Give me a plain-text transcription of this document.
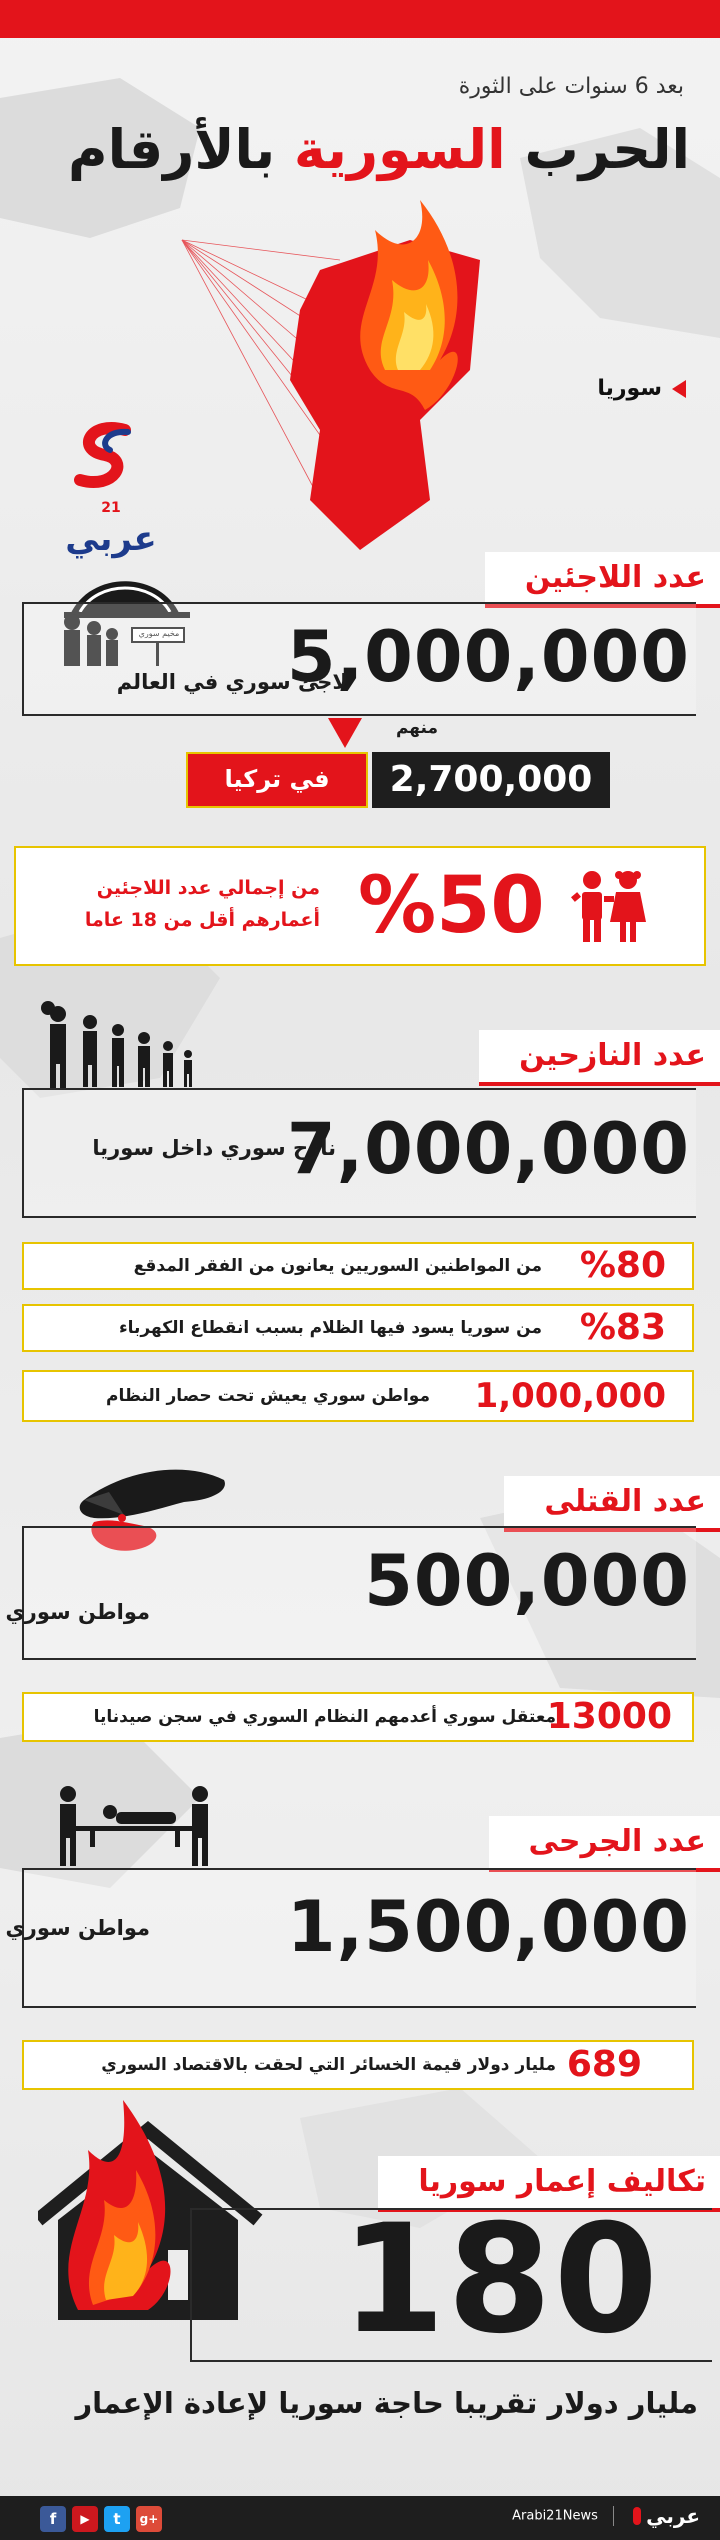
بعد 6 سنوات على الثورة
الحرب السورية بالأرقام
سوريا
21 عربي
عدد اللاجئين
مخيم سوري 5,000,000
لاجئ سوري في العالم
منهم
2,700,000
في تركيا
%50
من إجمالي عدد اللاجئين
أعمارهم أقل من 18 عاما
عدد النازحين
7,000,000
نازح سوري داخل سوريا
%80
من المواطنين السوريين يعانون من الفقر المدقع
%83
من سوريا يسود فيها الظلام بسبب انقطاع الكهرباء
1,000,000
مواطن سوري يعيش تحت حصار النظام
عدد القتلى
500,000
مواطن سوري
13000
معتقل سوري أعدمهم النظام السوري في سجن صيدنايا
عدد الجرحى
1,500,000
مواطن سوري
689
مليار دولار قيمة الخسائر التي لحقت بالاقتصاد السوري
تكاليف إعمار سوريا
180
مليار دولار تقريبا حاجة سوريا لإعادة الإعمار
f	▶	t	g+	Arabi21News عربي
